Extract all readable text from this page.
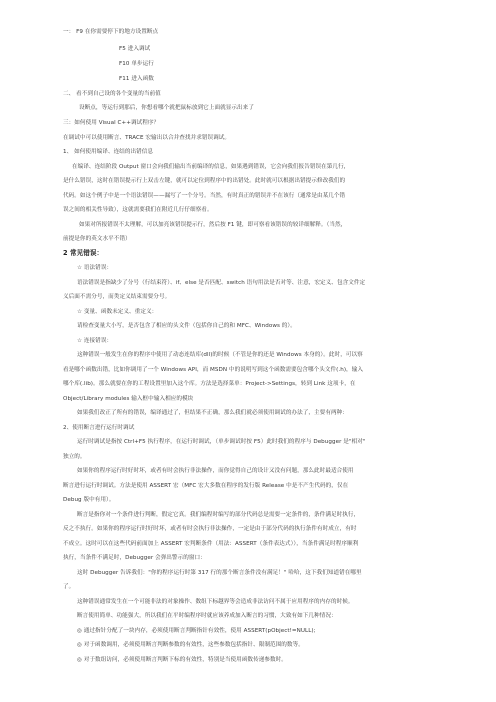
一： F9 在你需要停下的地方设置断点
F5 进入调试
F10 单步运行
F11 进入函数
二、 看不到自己设的各个变量的当前值
设断点，等运行到那后，你想看哪个就把鼠标放到它上面就显示出来了
三：如何使用 Visual C++调试程序？
在调试中可以使用断言、TRACE 宏输出以合并查找并求错误调试。
1、 如何使用编译、连结的出错信息
在编译、连结阶段 Output 窗口会向我们输出当前编译的信息，如果遇到错误，它会向我们报告错误在第几行，
是什么错误，这时在错误提示行上双击左键，就可以定位到程序中的出错处。此时就可以根据出错提示修改我们的
代码。如这个例子中是一个语法错误——漏写了一个分号。当然，有时真正的错误并不在该行（通常是由某几个错
误之间的相关性导致），这就需要我们在附近几行仔细察看。
如果对所报错误不太理解，可以加亮该错误提示行，然后按 F1 键，即可察看该错误的较详细解释。（当然，
前提是你的英文水平不错）
2 常见错误：
☆ 语法错误：
语法错误是指缺少了分号（行结束符）、if、else 是否匹配、switch 语句用法是否对等、注意，宏定义、包含文件定
义后面不需分号，而类定义结束需要分号。
☆ 变量、函数未定义、重定义：
请检查变量大小写，是否包含了相应的头文件（包括你自己的和 MFC、Windows 的）。
☆ 连接错误：
这种错误一般发生在你的程序中使用了动态连结库(dll)的时候（不管是你的还是 Windows 本身的）。此时，可以察
看是哪个函数出错，比如你调用了一个 Windows API，而 MSDN 中的说明写到这个函数需要包含哪个头文件(.h)，输入
哪个库(.lib)。那么就要在你的工程设置里加入这个库。方法是选择菜单：Project->Settings，转到 Link 这项卡，在
Object/Library modules 输入框中输入相应的模块
如果我们改正了所有的错误，编译通过了，但结果不正确，那么我们就必须使用调试的办法了，主要有两种：
2、使用断言进行运行时调试
运行时调试是指按 Ctrl+F5 执行程序，在运行时调试，（单步调试时按 F5）此时我们的程序与 Debugger 是"相对"
独立的。
如果你的程序运行时好时坏，或者有时会执行非法操作，而你觉得自己的设计又没有问题，那么此时最适合使用
断言进行运行时调试。方法是使用 ASSERT 宏（MFC 宏大多数在程序的发行版 Release 中是不产生代码的，仅在
Debug 版中有用）。
断言是指你对一个条件进行判断，假定它真。我们编程时编写的部分代码总是需要一定条件的，条件满足时执行，
反之不执行。如果你的程序运行时好时坏，或者有时会执行非法操作，一定是由于部分代码的执行条件有时成立，有时
不成立。这时可以在这些代码前面加上 ASSERT 宏判断条件（用法：ASSERT（条件表达式）），当条件满足时程序顺利
执行，当条件不满足时，Debugger 会弹出警示的窗口：
这时 Debugger 告诉我们："你的程序运行时第 317 行的那个断言条件没有满足！" 哈哈，这下我们知道错在哪里
了。
这种错误通常发生在一个可能非法的对象操作、数组下标越界等会造成非法访问不属于应用程序的内存的时候。
断言使用简单、功能强大，所以我们在平时编程序时就应该养成加入断言的习惯，大致有如下几种情况：
◎ 通过指针分配了一块内存，必须使用断言判断指针有效性，使用 ASSERT(pObject!=NULL);
◎ 对于函数调用，必须使用断言判断参数的有效性，这些参数包括指针、限制范围的数等。
◎ 对于数组访问，必须使用断言判断下标的有效性，特别是当使用函数传递参数时。
